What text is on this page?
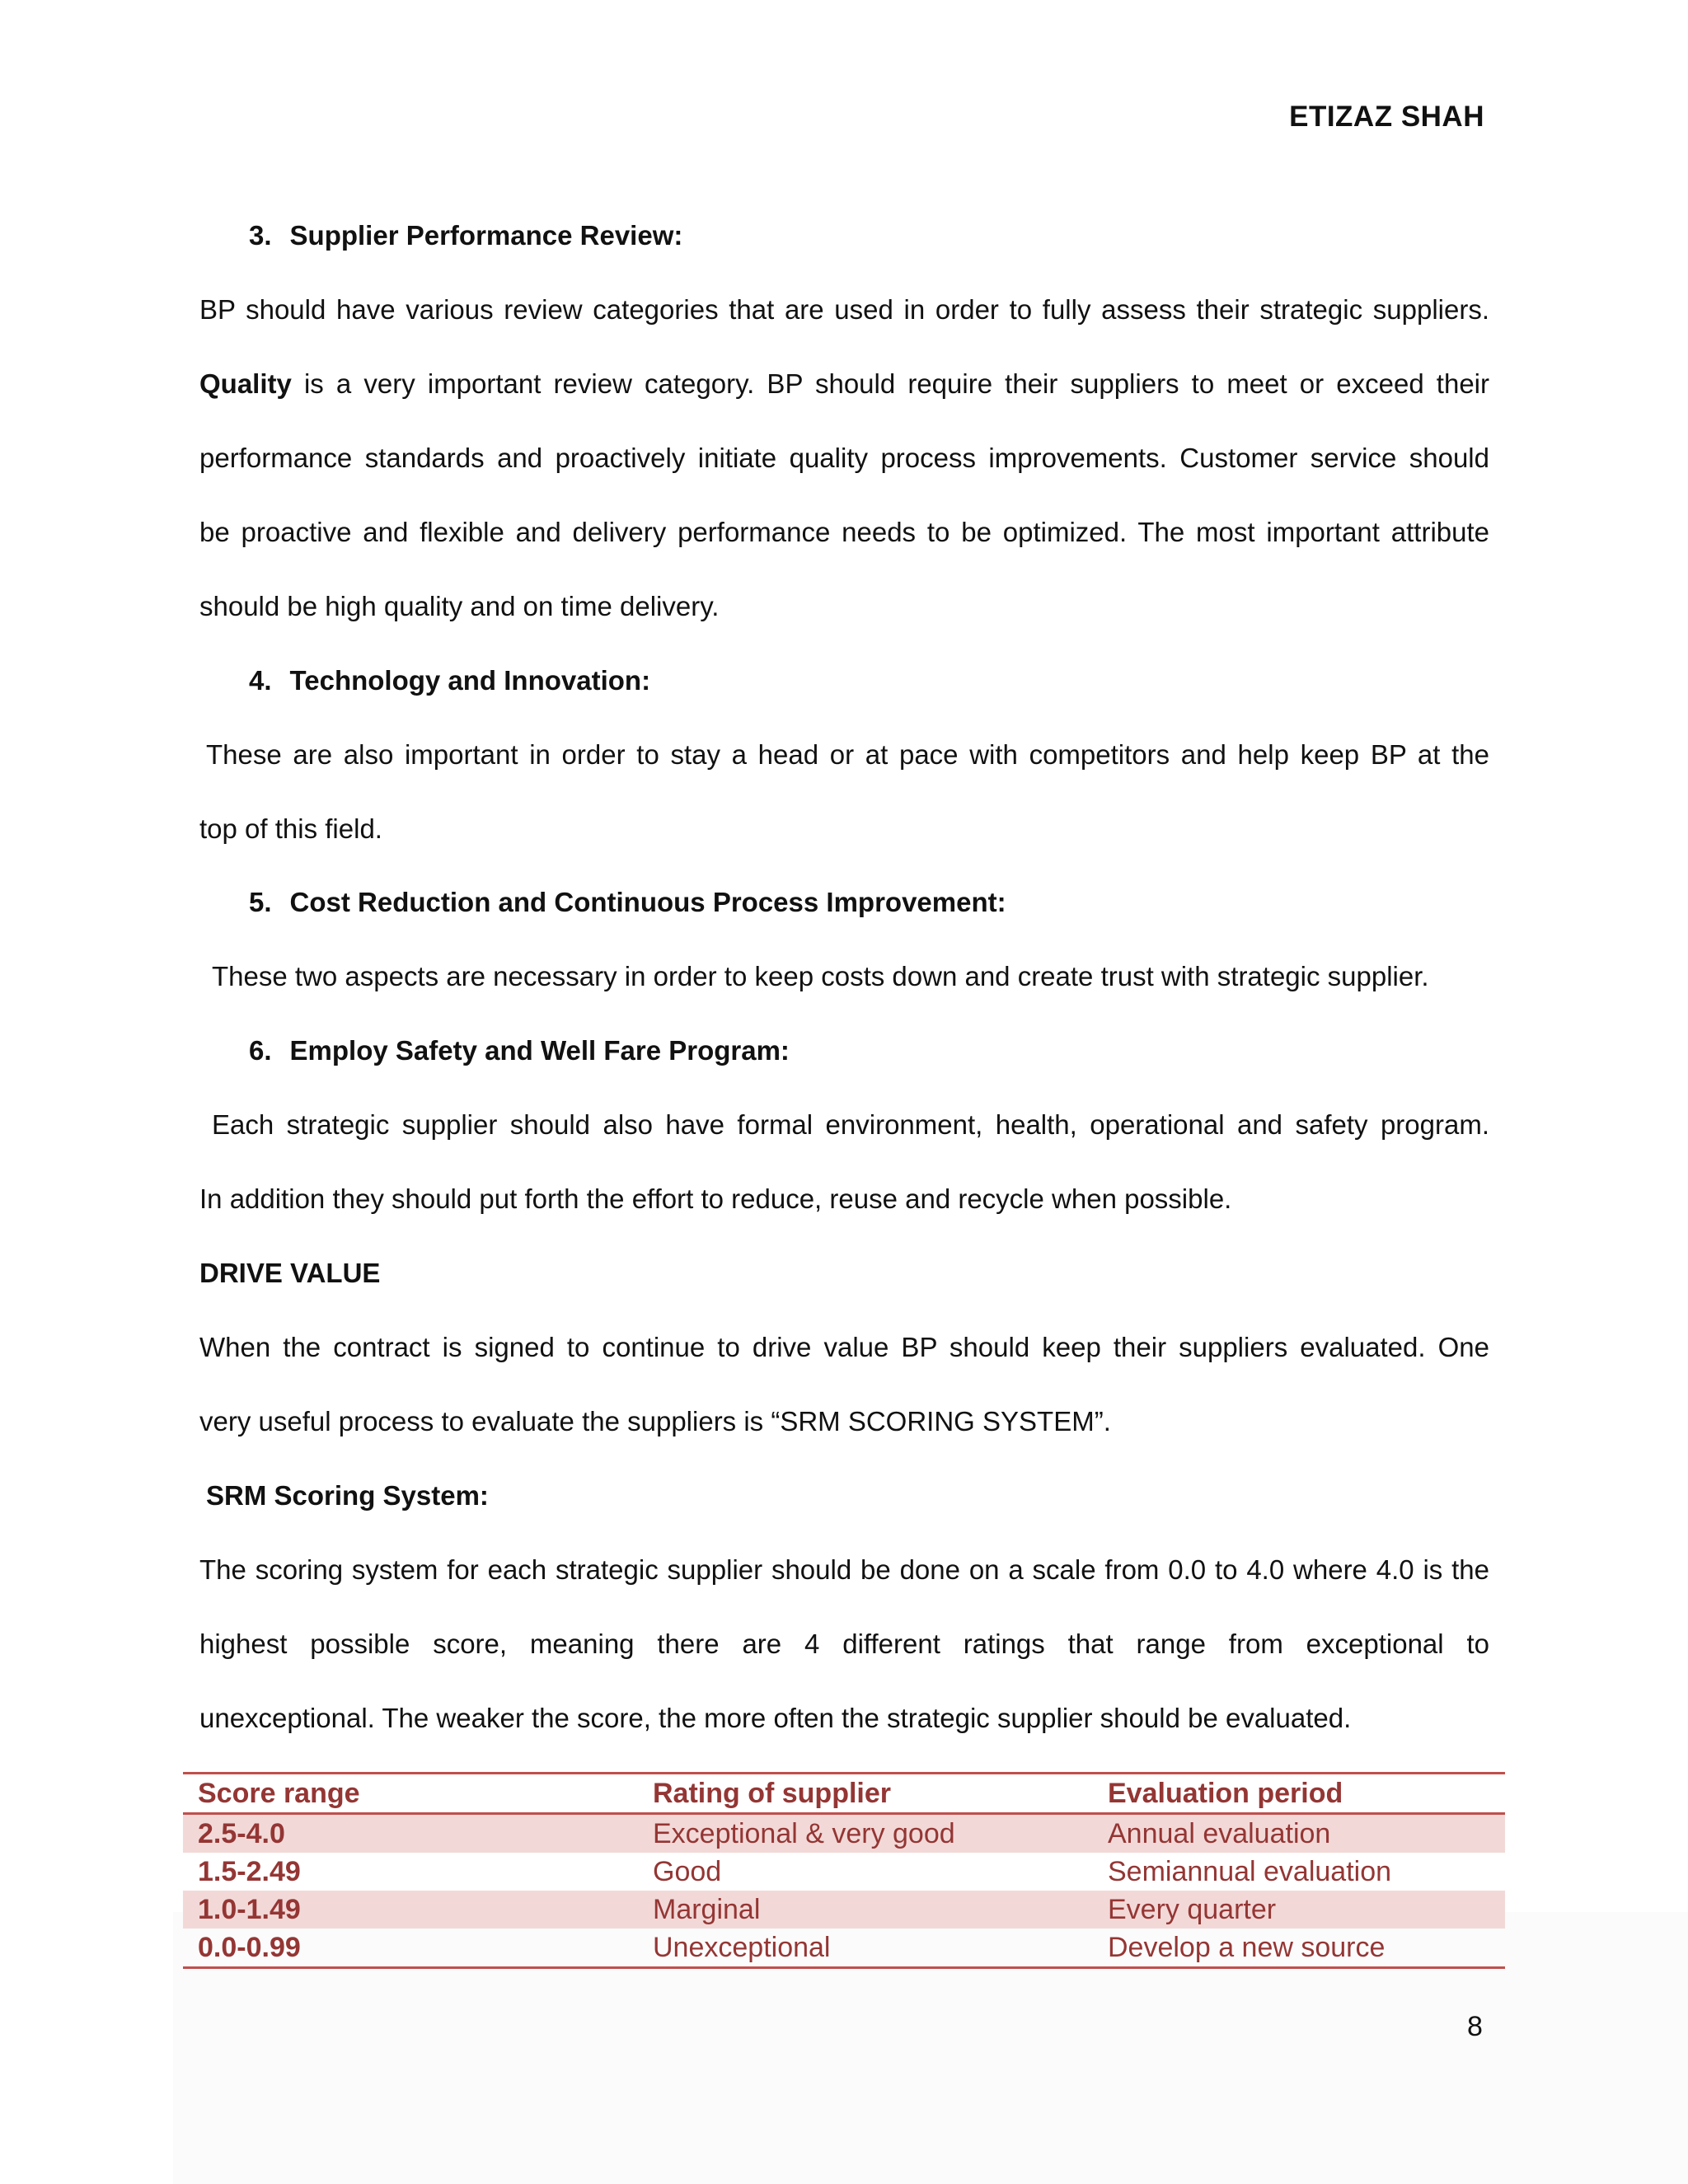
ETIZAZ SHAH
3. Supplier Performance Review:
BP should have various review categories that are used in order to fully assess their strategic suppliers.
Quality is a very important review category. BP should require their suppliers to meet or exceed their
performance standards and proactively initiate quality process improvements. Customer service should
be proactive and flexible and delivery performance needs to be optimized. The most important attribute
should be high quality and on time delivery.
4. Technology and Innovation:
These are also important in order to stay a head or at pace with competitors and help keep BP at the
top of this field.
5. Cost Reduction and Continuous Process Improvement:
These two aspects are necessary in order to keep costs down and create trust with strategic supplier.
6. Employ Safety and Well Fare Program:
Each strategic supplier should also have formal environment, health, operational and safety program.
In addition they should put forth the effort to reduce, reuse and recycle when possible.
DRIVE VALUE
When the contract is signed to continue to drive value BP should keep their suppliers evaluated. One
very useful process to evaluate the suppliers is “SRM SCORING SYSTEM”.
SRM Scoring System:
The scoring system for each strategic supplier should be done on a scale from 0.0 to 4.0 where 4.0 is the
highest possible score, meaning there are 4 different ratings that range from exceptional to
unexceptional. The weaker the score, the more often the strategic supplier should be evaluated.
Score range	Rating of supplier	Evaluation period
2.5-4.0	Exceptional & very good	Annual evaluation
1.5-2.49	Good	Semiannual evaluation
1.0-1.49	Marginal	Every quarter
0.0-0.99	Unexceptional	Develop a new source
8
